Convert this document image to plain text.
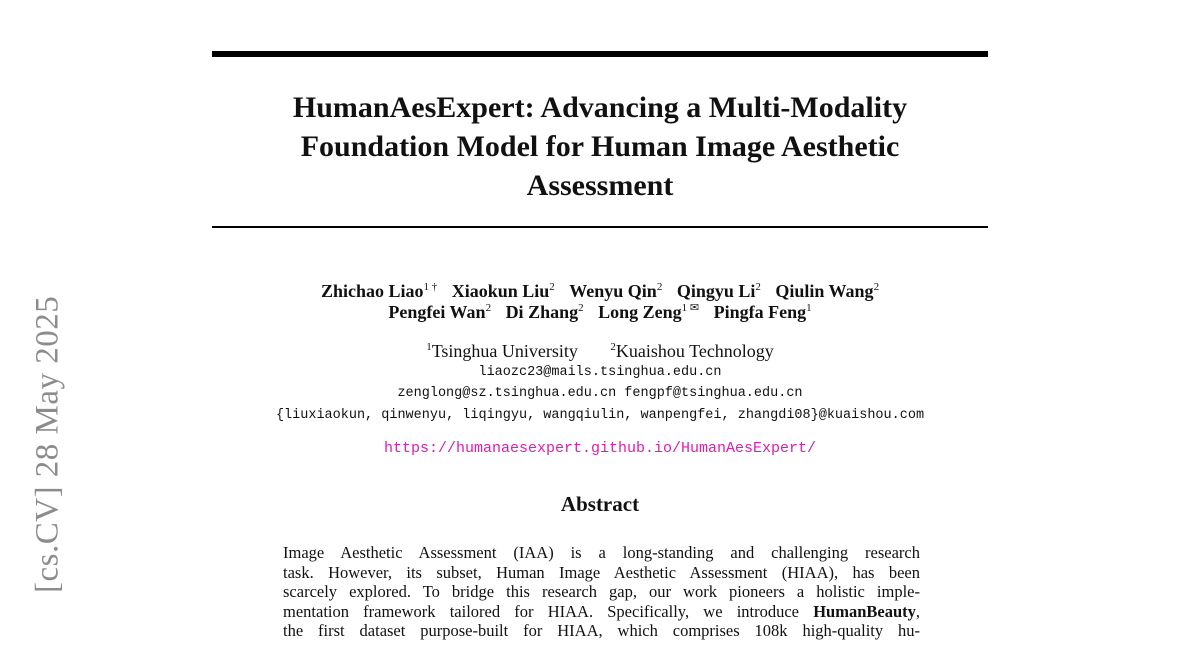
[cs.CV] 28 May 2025
HumanAesExpert: Advancing a Multi-Modality
Foundation Model for Human Image Aesthetic
Assessment
Zhichao Liao$^{1 \dagger}$ Xiaokun Liu$^2$ Wenyu Qin$^2$ Qingyu Li$^2$ Qiulin Wang$^2$
Pengfei Wan$^2$ Di Zhang$^2$ Long Zeng$^{1 ✉}$ Pingfa Feng$^1$
$^1$Tsinghua University	$^2$Kuaishou Technology
liaozc23@mails.tsinghua.edu.cn
zenglong@sz.tsinghua.edu.cn fengpf@tsinghua.edu.cn
{liuxiaokun, qinwenyu, liqingyu, wangqiulin, wanpengfei, zhangdi08}@kuaishou.com
https://humanaesexpert.github.io/HumanAesExpert/
Abstract
Image Aesthetic Assessment (IAA) is a long-standing and challenging research
task. However, its subset, Human Image Aesthetic Assessment (HIAA), has been
scarcely explored. To bridge this research gap, our work pioneers a holistic imple-
mentation framework tailored for HIAA. Specifically, we introduce HumanBeauty,
the first dataset purpose-built for HIAA, which comprises 108k high-quality hu-
